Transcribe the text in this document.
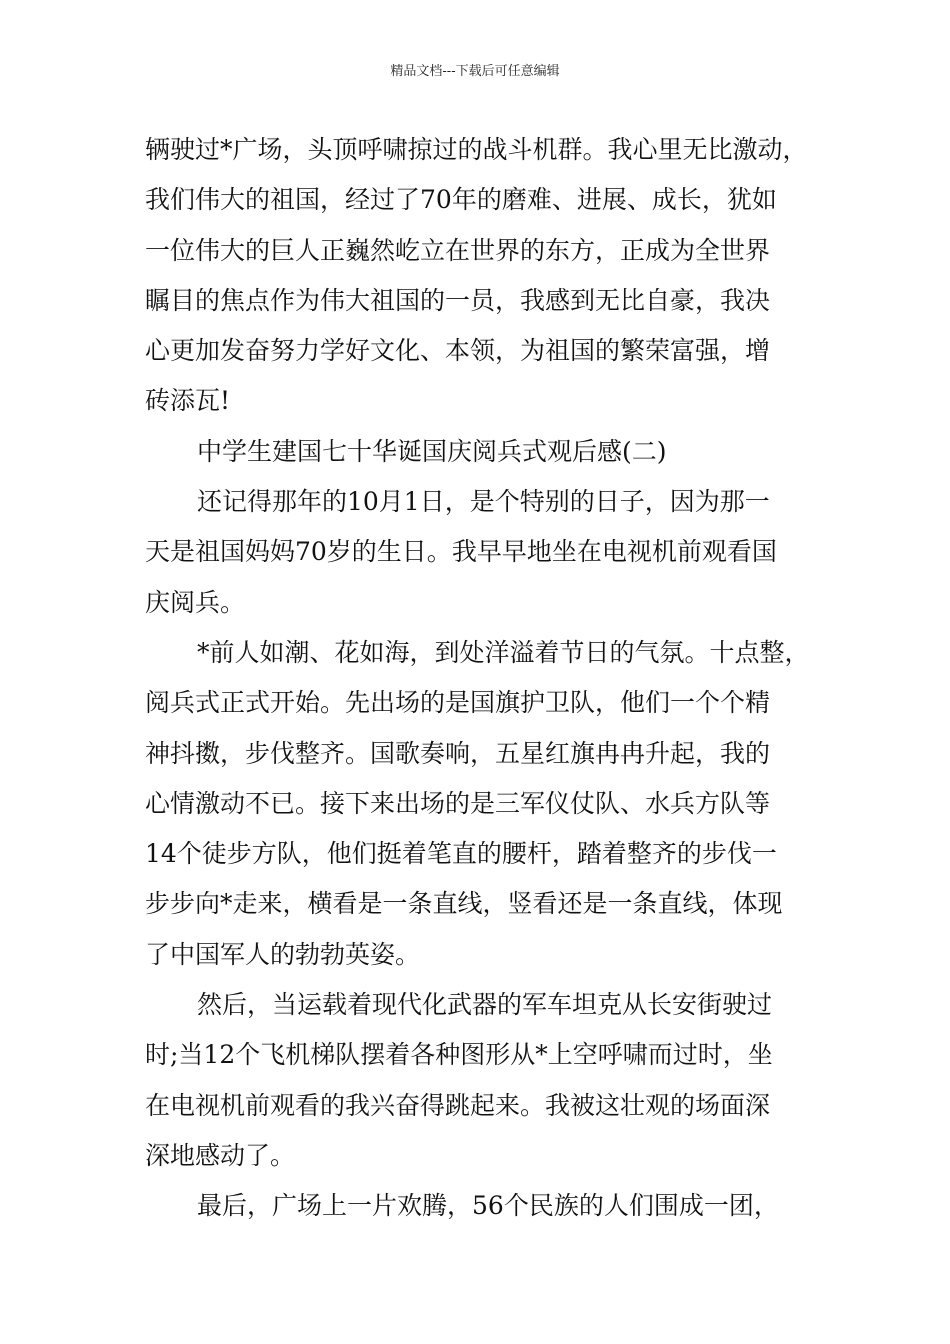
精品文档---下载后可任意编辑
辆驶过*广场，头顶呼啸掠过的战斗机群。我心里无比激动，
我们伟大的祖国，经过了70年的磨难、进展、成长，犹如
一位伟大的巨人正巍然屹立在世界的东方，正成为全世界
瞩目的焦点作为伟大祖国的一员，我感到无比自豪，我决
心更加发奋努力学好文化、本领，为祖国的繁荣富强，增
砖添瓦!
中学生建国七十华诞国庆阅兵式观后感(二)
还记得那年的10月1日，是个特别的日子，因为那一
天是祖国妈妈70岁的生日。我早早地坐在电视机前观看国
庆阅兵。
*前人如潮、花如海，到处洋溢着节日的气氛。十点整，
阅兵式正式开始。先出场的是国旗护卫队，他们一个个精
神抖擞，步伐整齐。国歌奏响，五星红旗冉冉升起，我的
心情激动不已。接下来出场的是三军仪仗队、水兵方队等
14个徒步方队，他们挺着笔直的腰杆，踏着整齐的步伐一
步步向*走来，横看是一条直线，竖看还是一条直线，体现
了中国军人的勃勃英姿。
然后，当运载着现代化武器的军车坦克从长安街驶过
时;当12个飞机梯队摆着各种图形从*上空呼啸而过时，坐
在电视机前观看的我兴奋得跳起来。我被这壮观的场面深
深地感动了。
最后，广场上一片欢腾，56个民族的人们围成一团，
